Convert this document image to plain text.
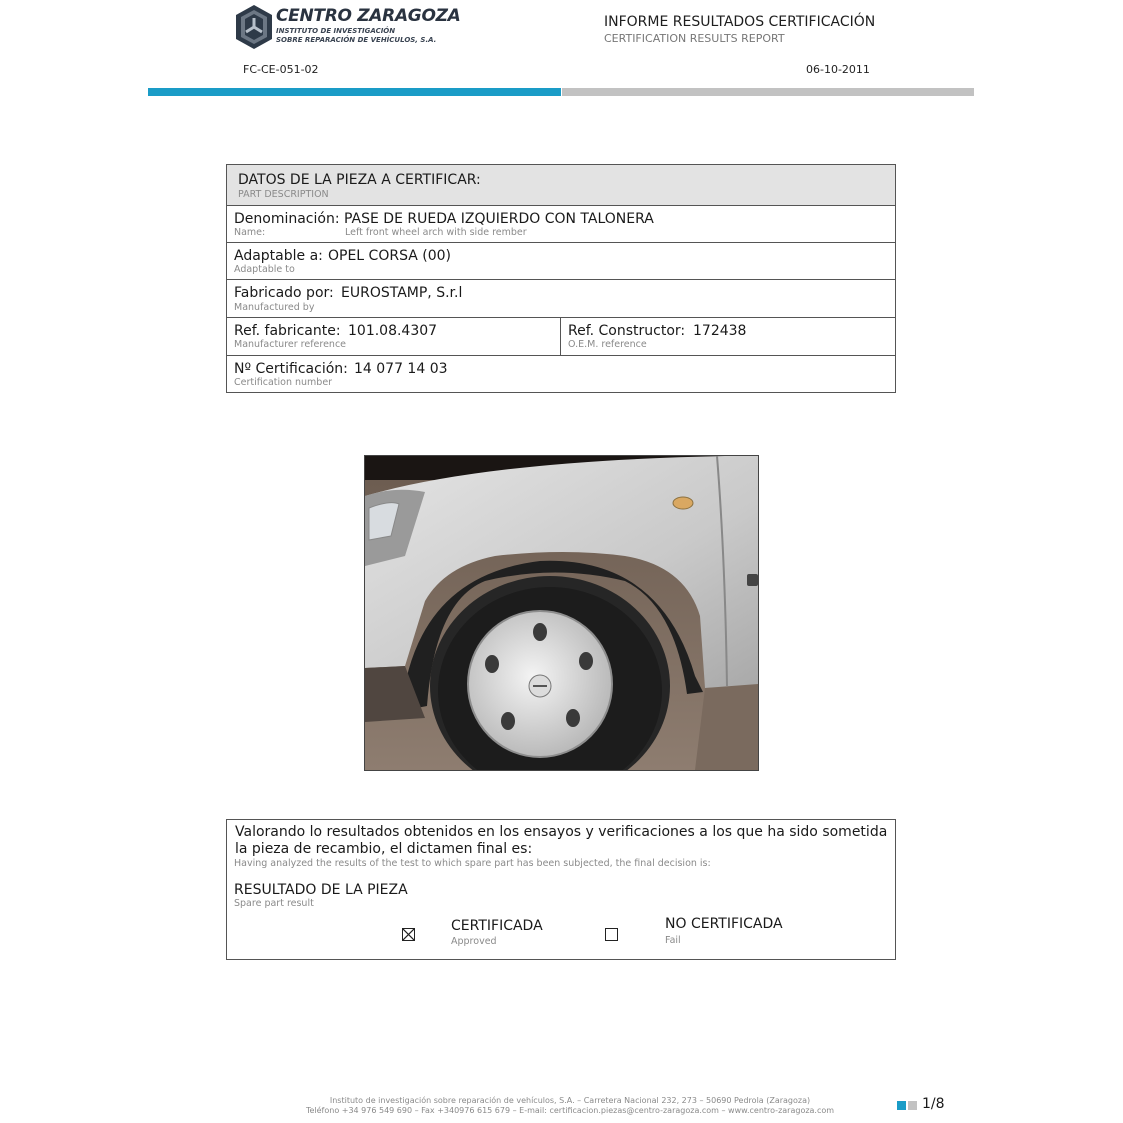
CENTRO ZARAGOZA
INSTITUTO DE INVESTIGACIÓN
SOBRE REPARACIÓN DE VEHÍCULOS, S.A.
INFORME RESULTADOS CERTIFICACIÓN
CERTIFICATION RESULTS REPORT
FC-CE-051-02	06-10-2011
DATOS DE LA PIEZA A CERTIFICAR:
PART DESCRIPTION
Denominación: PASE DE RUEDA IZQUIERDO CON TALONERA
Name:	Left front wheel arch with side rember
Adaptable a: OPEL CORSA (00)
Adaptable to
Fabricado por: EUROSTAMP, S.r.l
Manufactured by
Ref. fabricante: 101.08.4307
Manufacturer reference
Ref. Constructor: 172438
O.E.M. reference
Nº Certificación: 14 077 14 03
Certification number
Valorando lo resultados obtenidos en los ensayos y verificaciones a los que ha sido sometida la pieza de recambio, el dictamen final es:
Having analyzed the results of the test to which spare part has been subjected, the final decision is:
RESULTADO DE LA PIEZA
Spare part result
CERTIFICADA
Approved
NO CERTIFICADA
Fail
Instituto de investigación sobre reparación de vehículos, S.A. – Carretera Nacional 232, 273 – 50690 Pedrola (Zaragoza)
Teléfono +34 976 549 690 – Fax +340976 615 679 – E-mail: certificacion.piezas@centro-zaragoza.com – www.centro-zaragoza.com	1/8
